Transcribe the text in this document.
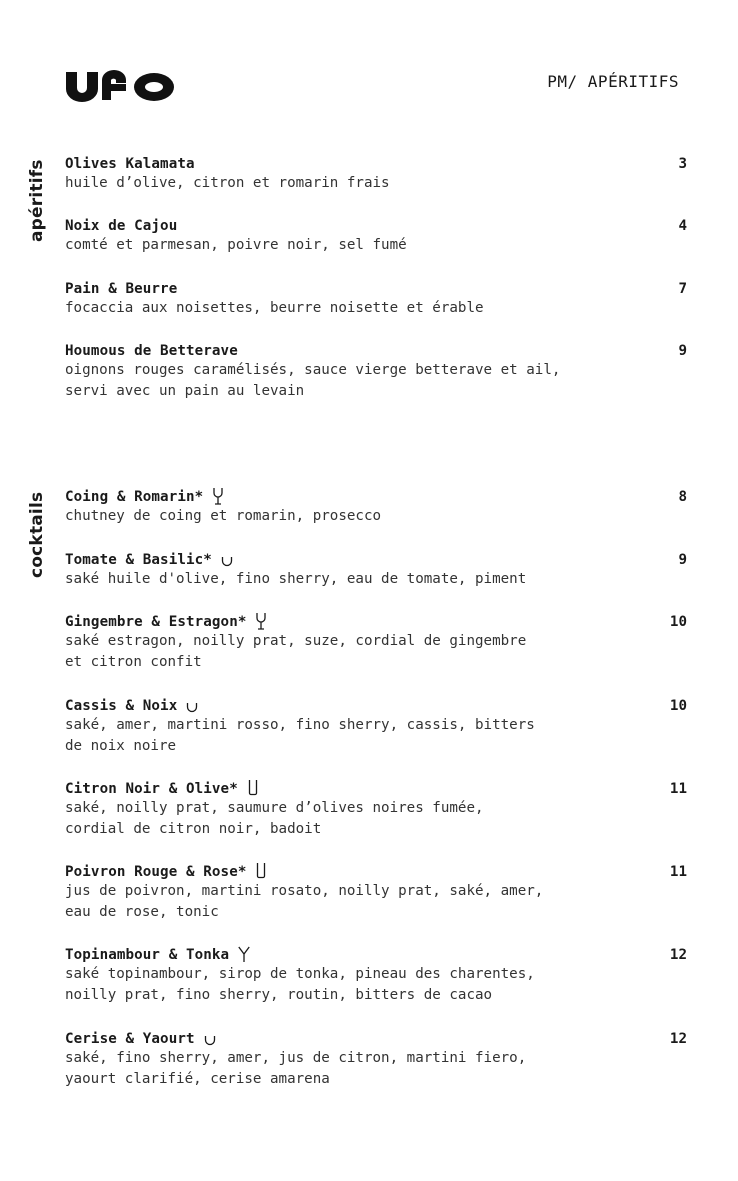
PM/ APÉRITIFS
apéritifs Olives Kalamata	3
huile d’olive, citron et romarin frais
Noix de Cajou	4
comté et parmesan, poivre noir, sel fumé
Pain & Beurre	7
focaccia aux noisettes, beurre noisette et érable
Houmous de Betterave	9
oignons rouges caramélisés, sauce vierge betterave et ail,
servi avec un pain au levain
cocktails Coing & Romarin*	8
chutney de coing et romarin, prosecco
Tomate & Basilic*	9
saké huile d'olive, fino sherry, eau de tomate, piment
Gingembre & Estragon*	10
saké estragon, noilly prat, suze, cordial de gingembre
et citron confit
Cassis & Noix	10
saké, amer, martini rosso, fino sherry, cassis, bitters
de noix noire
Citron Noir & Olive*	11
saké, noilly prat, saumure d’olives noires fumée,
cordial de citron noir, badoit
Poivron Rouge & Rose*	11
jus de poivron, martini rosato, noilly prat, saké, amer,
eau de rose, tonic
Topinambour & Tonka	12
saké topinambour, sirop de tonka, pineau des charentes,
noilly prat, fino sherry, routin, bitters de cacao
Cerise & Yaourt	12
saké, fino sherry, amer, jus de citron, martini fiero,
yaourt clarifié, cerise amarena
